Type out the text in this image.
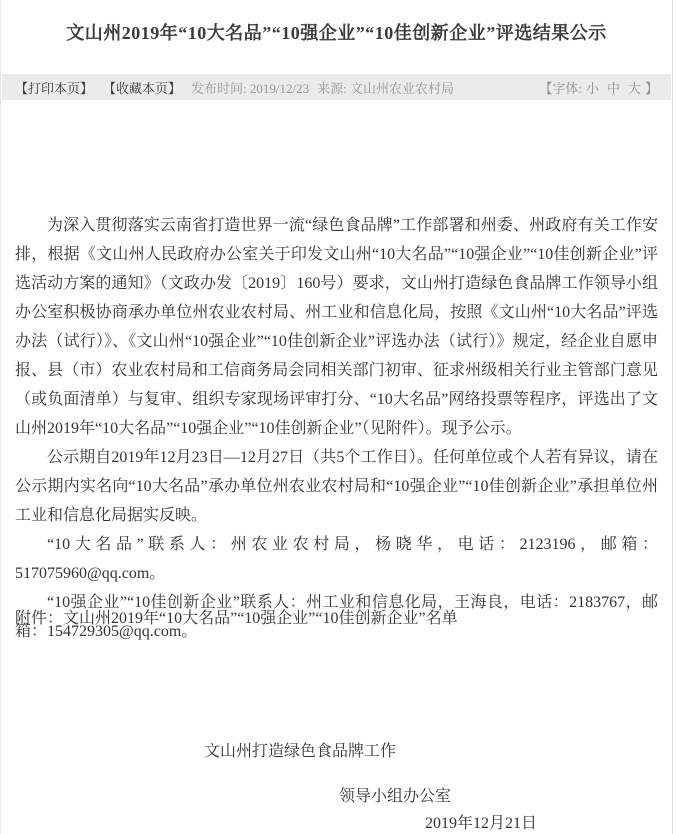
文山州2019年“10大名品”“10强企业”“10佳创新企业”评选结果公示
【打印本页】 【收藏本页】 发布时间: 2019/12/23 来源: 文山州农业农村局	【字体: 小 中 大 】

为深入贯彻落实云南省打造世界一流“绿色食品牌”工作部署和州委、州政府有关工作安排，根据《文山州人民政府办公室关于印发文山州“10大名品”“10强企业”“10佳创新企业”评选活动方案的通知》（文政办发〔2019〕160号）要求，文山州打造绿色食品牌工作领导小组办公室积极协商承办单位州农业农村局、州工业和信息化局，按照《文山州“10大名品”评选办法（试行）》、《文山州“10强企业”“10佳创新企业”评选办法（试行）》规定，经企业自愿申报、县（市）农业农村局和工信商务局会同相关部门初审、征求州级相关行业主管部门意见（或负面清单）与复审、组织专家现场评审打分、“10大名品”网络投票等程序，评选出了文山州2019年“10大名品”“10强企业”“10佳创新企业”（见附件）。现予公示。

公示期自2019年12月23日—12月27日（共5个工作日）。任何单位或个人若有异议，请在公示期内实名向“10大名品”承办单位州农业农村局和“10强企业”“10佳创新企业”承担单位州工业和信息化局据实反映。

“10大名品”联系人：州农业农村局，杨晓华，电话：2123196，邮箱：517075960@qq.com。

“10强企业”“10佳创新企业”联系人：州工业和信息化局，王海良，电话：2183767，邮箱：154729305@qq.com。

附件：文山州2019年“10大名品”“10强企业”“10佳创新企业”名单
文山州打造绿色食品牌工作
领导小组办公室
2019年12月21日
